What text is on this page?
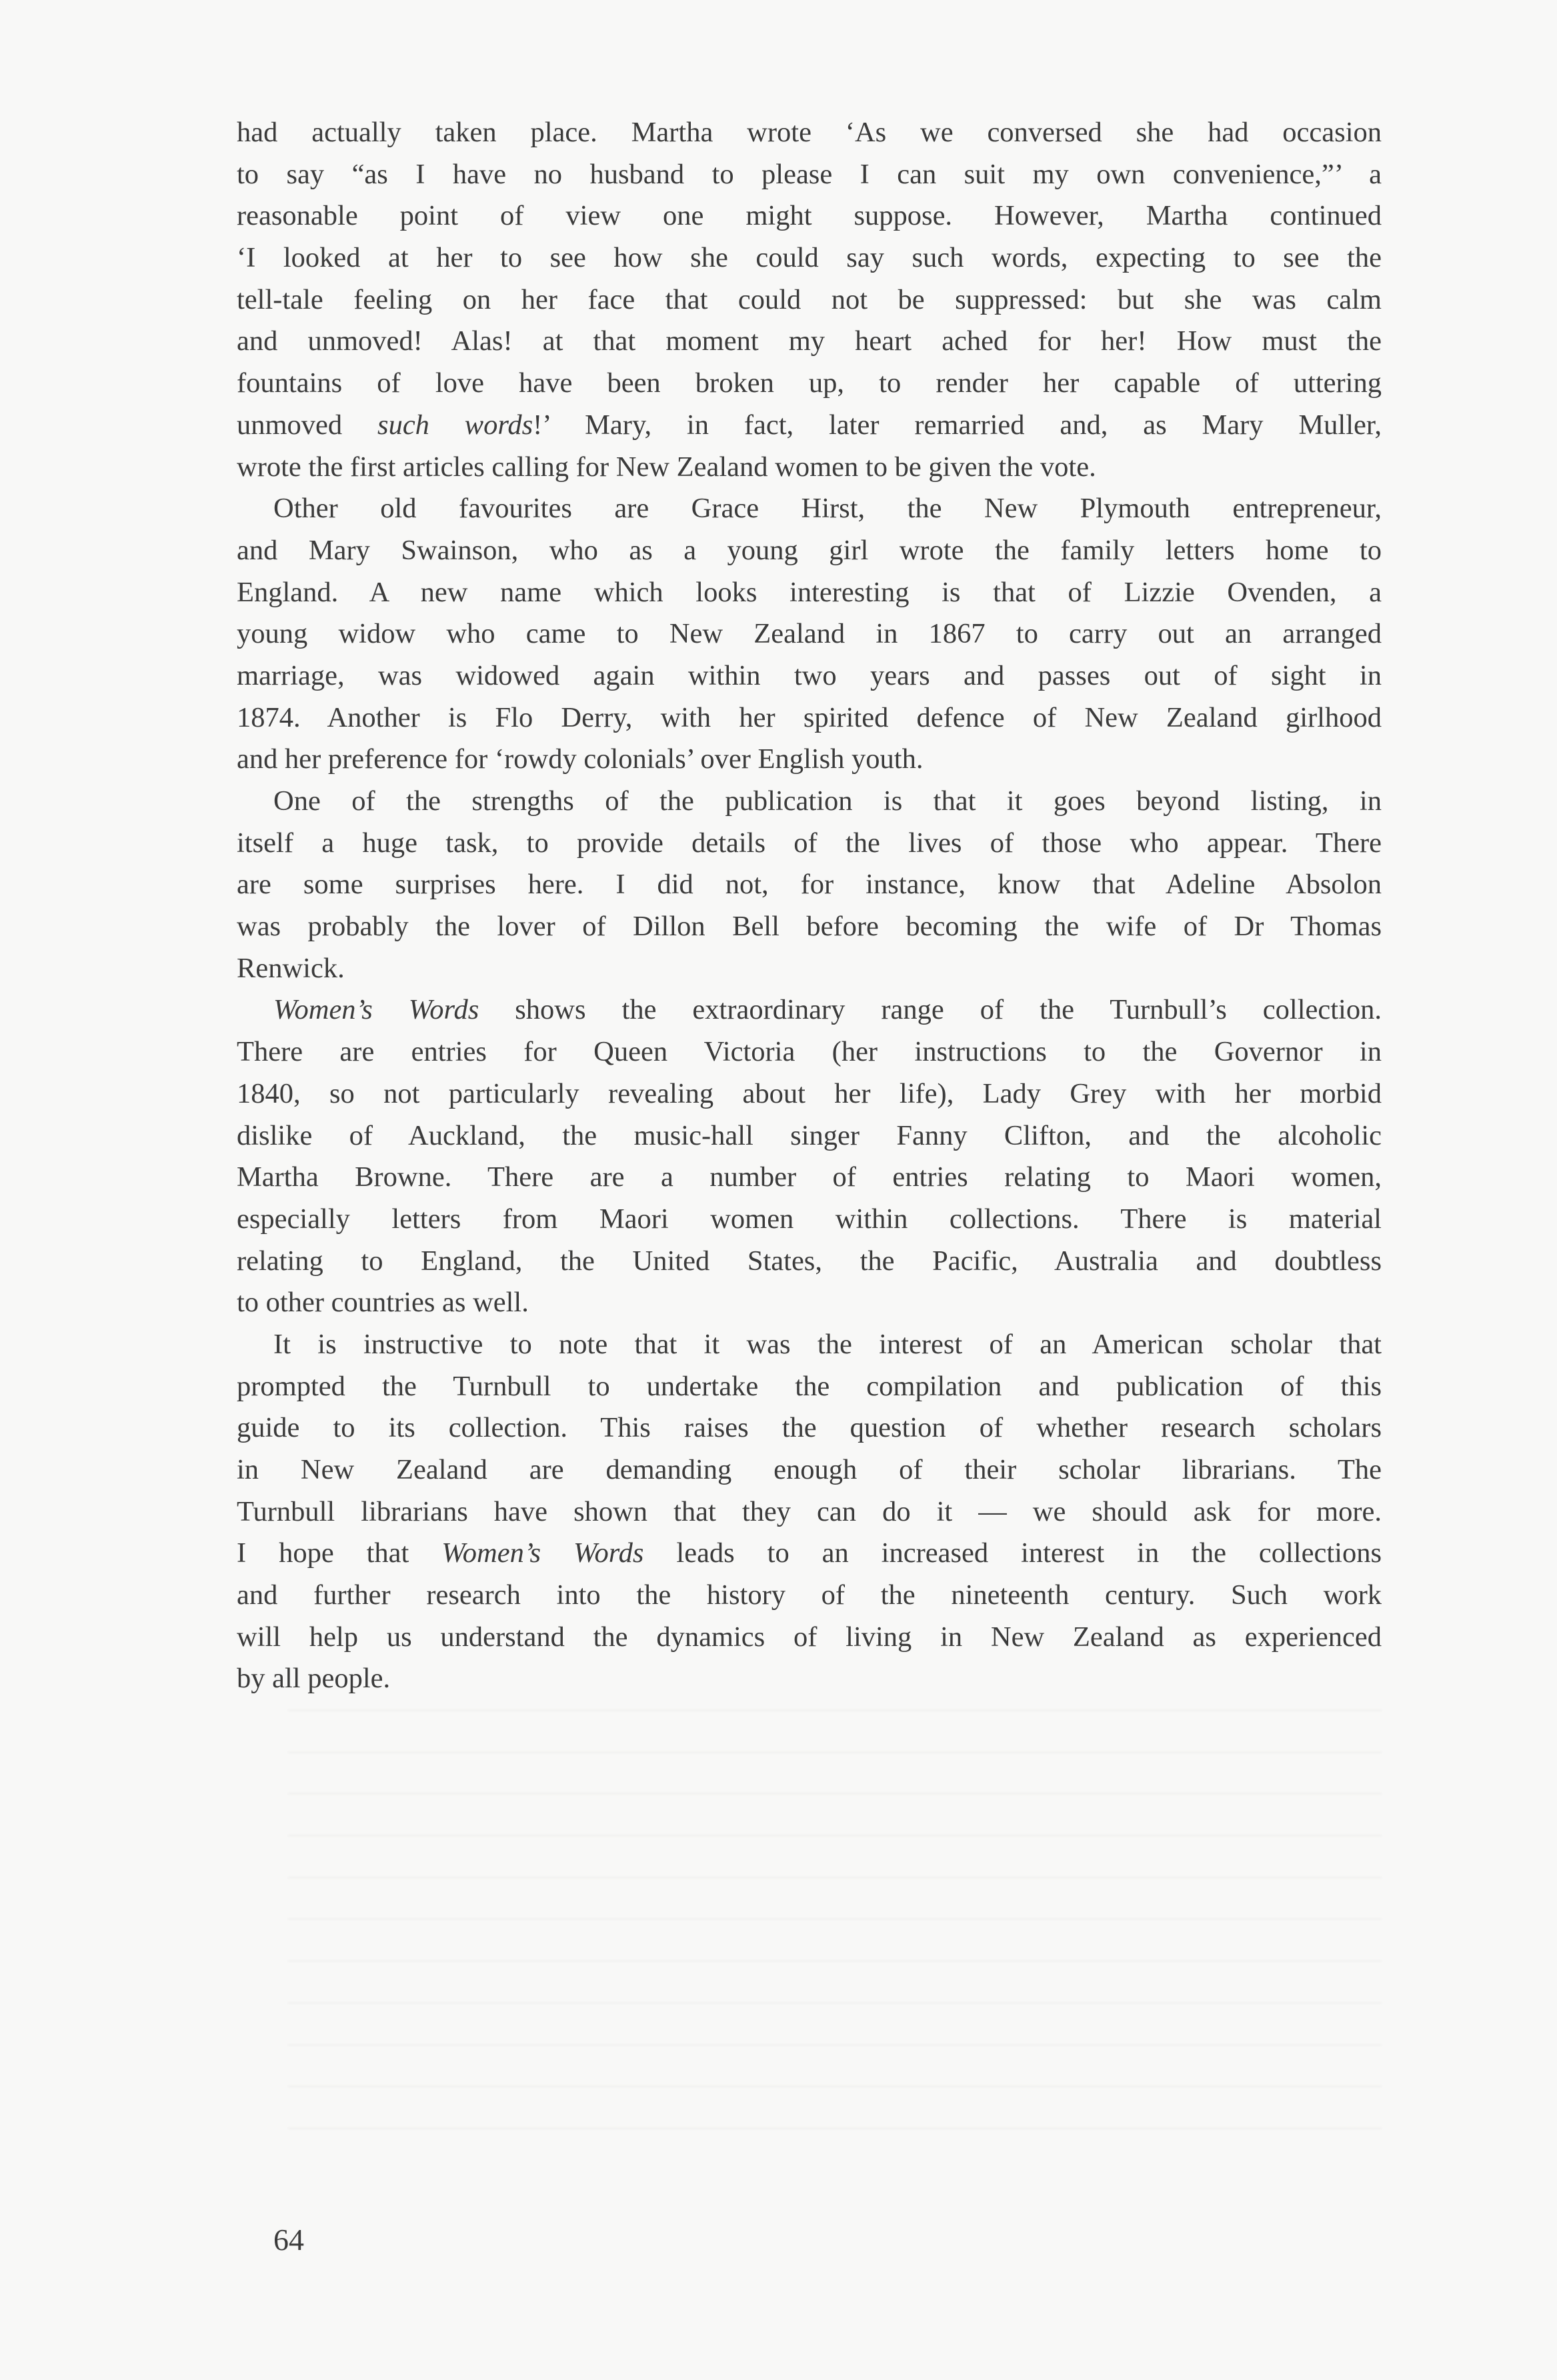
————————————————————————————————————————
————————————————————————————————————————
————————————————————————————————————————
————————————————————————————————————————
————————————————————————————————————————
————————————————————————————————————————
————————————————————————————————————————
————————————————————————————————————————
————————————————————————————————————————
————————————————————————————————————————
————————————————————————————————————————
had actually taken place. Martha wrote ‘As we conversed she had occasion
to say “as I have no husband to please I can suit my own convenience,”’ a
reasonable point of view one might suppose. However, Martha continued
‘I looked at her to see how she could say such words, expecting to see the
tell-tale feeling on her face that could not be suppressed: but she was calm
and unmoved! Alas! at that moment my heart ached for her! How must the
fountains of love have been broken up, to render her capable of uttering
unmoved such words!’ Mary, in fact, later remarried and, as Mary Muller,
wrote the first articles calling for New Zealand women to be given the vote.
Other old favourites are Grace Hirst, the New Plymouth entrepreneur,
and Mary Swainson, who as a young girl wrote the family letters home to
England. A new name which looks interesting is that of Lizzie Ovenden, a
young widow who came to New Zealand in 1867 to carry out an arranged
marriage, was widowed again within two years and passes out of sight in
1874. Another is Flo Derry, with her spirited defence of New Zealand girlhood
and her preference for ‘rowdy colonials’ over English youth.
One of the strengths of the publication is that it goes beyond listing, in
itself a huge task, to provide details of the lives of those who appear. There
are some surprises here. I did not, for instance, know that Adeline Absolon
was probably the lover of Dillon Bell before becoming the wife of Dr Thomas
Renwick.
Women’s Words shows the extraordinary range of the Turnbull’s collection.
There are entries for Queen Victoria (her instructions to the Governor in
1840, so not particularly revealing about her life), Lady Grey with her morbid
dislike of Auckland, the music-hall singer Fanny Clifton, and the alcoholic
Martha Browne. There are a number of entries relating to Maori women,
especially letters from Maori women within collections. There is material
relating to England, the United States, the Pacific, Australia and doubtless
to other countries as well.
It is instructive to note that it was the interest of an American scholar that
prompted the Turnbull to undertake the compilation and publication of this
guide to its collection. This raises the question of whether research scholars
in New Zealand are demanding enough of their scholar librarians. The
Turnbull librarians have shown that they can do it — we should ask for more.
I hope that Women’s Words leads to an increased interest in the collections
and further research into the history of the nineteenth century. Such work
will help us understand the dynamics of living in New Zealand as experienced
by all people.
64
